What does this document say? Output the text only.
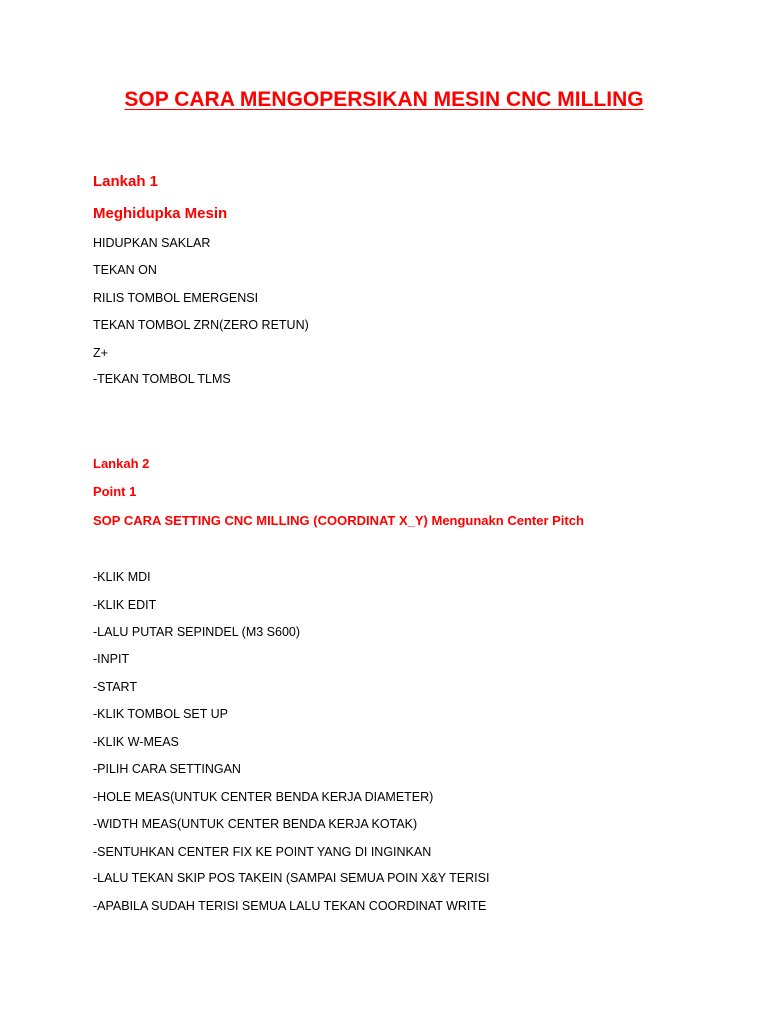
SOP CARA MENGOPERSIKAN MESIN CNC MILLING
Lankah 1
Meghidupka Mesin
HIDUPKAN SAKLAR
TEKAN ON
RILIS TOMBOL EMERGENSI
TEKAN TOMBOL ZRN(ZERO RETUN)
Z+
-TEKAN TOMBOL TLMS
Lankah 2
Point 1
SOP CARA SETTING CNC MILLING (COORDINAT X_Y) Mengunakn Center Pitch
-KLIK MDI
-KLIK EDIT
-LALU PUTAR SEPINDEL (M3 S600)
-INPIT
-START
-KLIK TOMBOL SET UP
-KLIK W-MEAS
-PILIH CARA SETTINGAN
-HOLE MEAS(UNTUK CENTER BENDA KERJA DIAMETER)
-WIDTH MEAS(UNTUK CENTER BENDA KERJA KOTAK)
-SENTUHKAN CENTER FIX KE POINT YANG DI INGINKAN
-LALU TEKAN SKIP POS TAKEIN (SAMPAI SEMUA POIN X&Y TERISI
-APABILA SUDAH TERISI SEMUA LALU TEKAN COORDINAT WRITE
